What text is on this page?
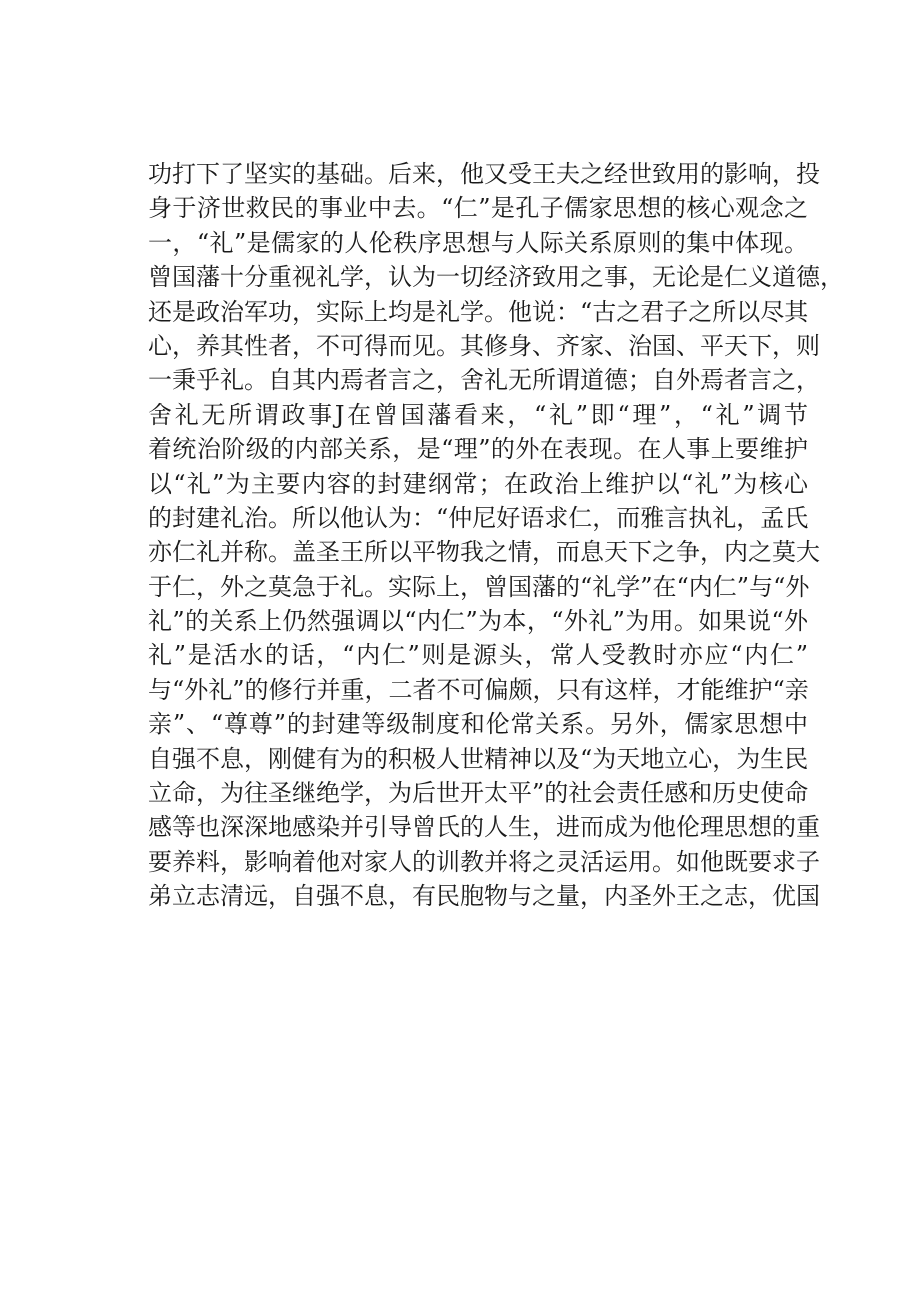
功打下了坚实的基础。后来，他又受王夫之经世致用的影响，投
身于济世救民的事业中去。“仁”是孔子儒家思想的核心观念之
一，“礼”是儒家的人伦秩序思想与人际关系原则的集中体现。
曾国藩十分重视礼学，认为一切经济致用之事，无论是仁义道德，
还是政治军功，实际上均是礼学。他说：“古之君子之所以尽其
心，养其性者，不可得而见。其修身、齐家、治国、平天下，则
一秉乎礼。自其内焉者言之，舍礼无所谓道德；自外焉者言之，
舍礼无所谓政事J在曾国藩看来，“礼”即“理”，“礼”调节
着统治阶级的内部关系，是“理”的外在表现。在人事上要维护
以“礼”为主要内容的封建纲常；在政治上维护以“礼”为核心
的封建礼治。所以他认为：“仲尼好语求仁，而雅言执礼，孟氏
亦仁礼并称。盖圣王所以平物我之情，而息天下之争，内之莫大
于仁，外之莫急于礼。实际上，曾国藩的“礼学”在“内仁”与“外
礼”的关系上仍然强调以“内仁”为本，“外礼”为用。如果说“外
礼”是活水的话，“内仁”则是源头，常人受教时亦应“内仁”
与“外礼”的修行并重，二者不可偏颇，只有这样，才能维护“亲
亲”、“尊尊”的封建等级制度和伦常关系。另外，儒家思想中
自强不息，刚健有为的积极人世精神以及“为天地立心，为生民
立命，为往圣继绝学，为后世开太平”的社会责任感和历史使命
感等也深深地感染并引导曾氏的人生，进而成为他伦理思想的重
要养料，影响着他对家人的训教并将之灵活运用。如他既要求子
弟立志清远，自强不息，有民胞物与之量，内圣外王之志，优国
